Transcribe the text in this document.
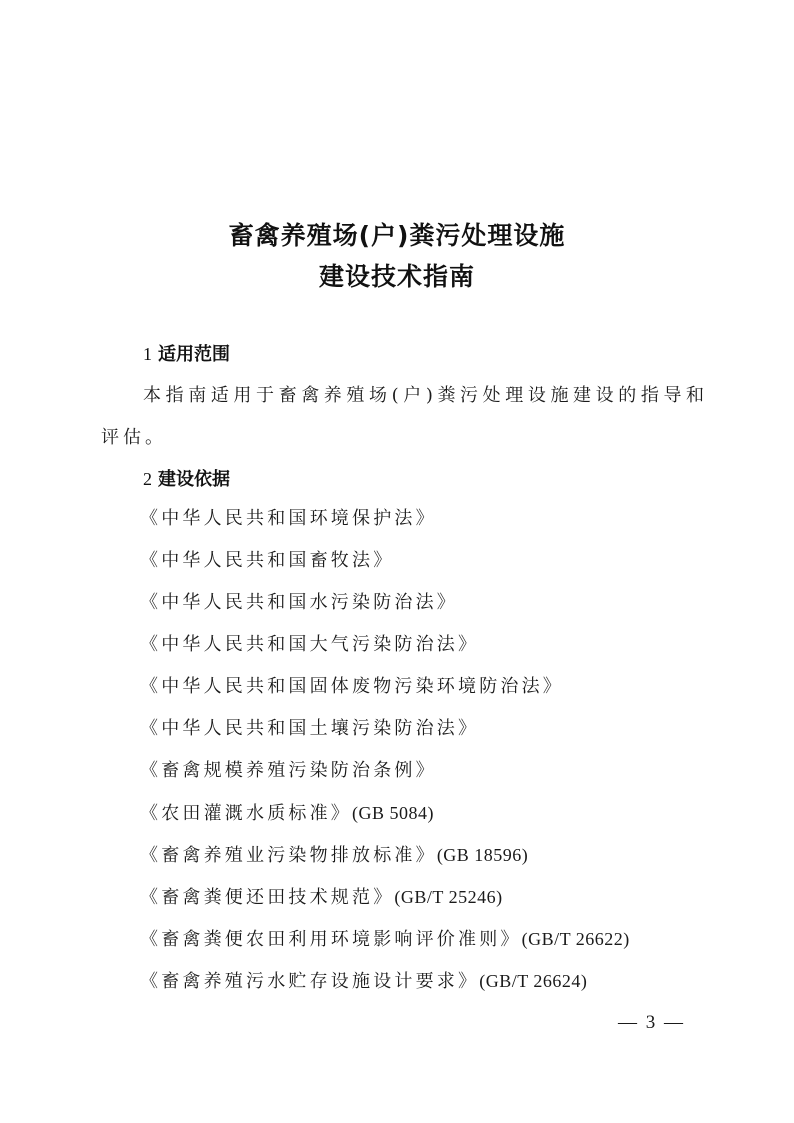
畜禽养殖场(户)粪污处理设施
建设技术指南
1 适用范围
本指南适用于畜禽养殖场(户)粪污处理设施建设的指导和
评估。
2 建设依据
《中华人民共和国环境保护法》
《中华人民共和国畜牧法》
《中华人民共和国水污染防治法》
《中华人民共和国大气污染防治法》
《中华人民共和国固体废物污染环境防治法》
《中华人民共和国土壤污染防治法》
《畜禽规模养殖污染防治条例》
《农田灌溉水质标准》(GB 5084)
《畜禽养殖业污染物排放标准》(GB 18596)
《畜禽粪便还田技术规范》(GB/T 25246)
《畜禽粪便农田利用环境影响评价准则》(GB/T 26622)
《畜禽养殖污水贮存设施设计要求》(GB/T 26624)
— 3 —
